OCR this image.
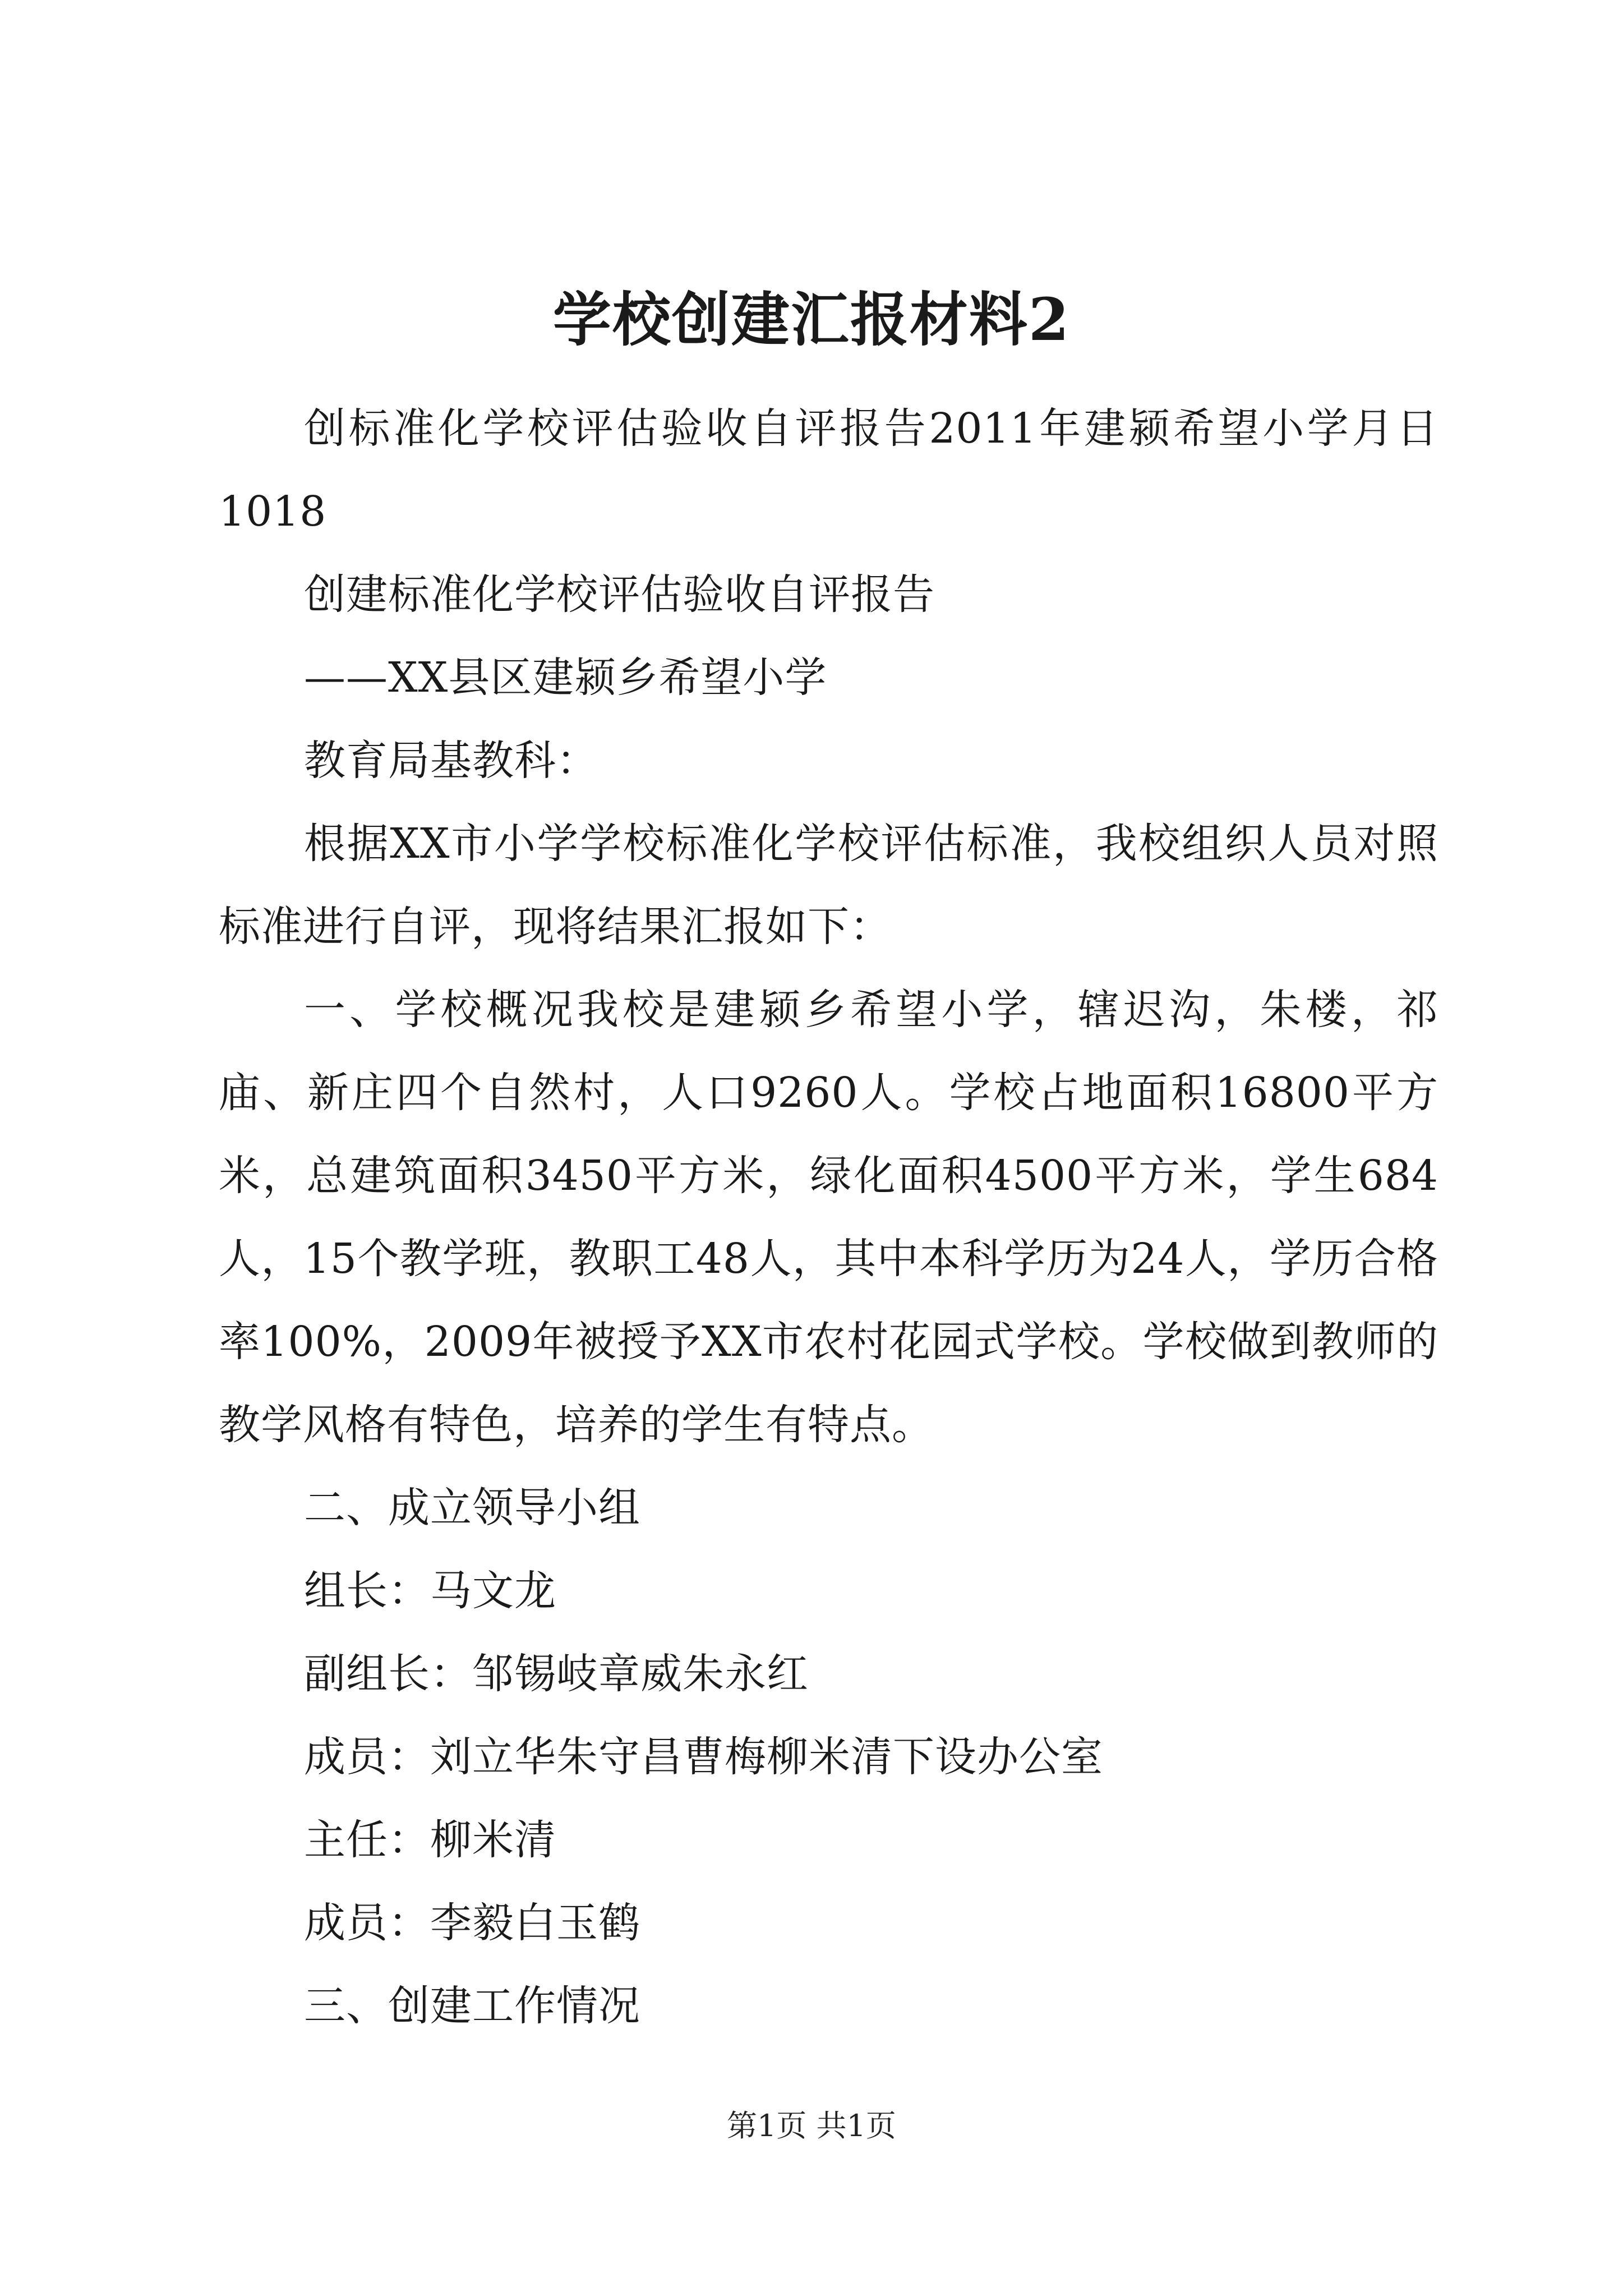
学校创建汇报材料2

创标准化学校评估验收自评报告2011年建颍希望小学月日1018

创建标准化学校评估验收自评报告

——XX县区建颍乡希望小学

教育局基教科：

根据XX市小学学校标准化学校评估标准，我校组织人员对照标准进行自评，现将结果汇报如下：

一、学校概况我校是建颍乡希望小学，辖迟沟，朱楼，祁庙、新庄四个自然村，人口9260人。学校占地面积16800平方米，总建筑面积3450平方米，绿化面积4500平方米，学生684人，15个教学班，教职工48人，其中本科学历为24人，学历合格率100%，2009年被授予XX市农村花园式学校。学校做到教师的教学风格有特色，培养的学生有特点。

二、成立领导小组

组长：马文龙

副组长：邹锡岐章威朱永红

成员：刘立华朱守昌曹梅柳米清下设办公室

主任：柳米清

成员：李毅白玉鹤

三、创建工作情况

第1页 共1页
